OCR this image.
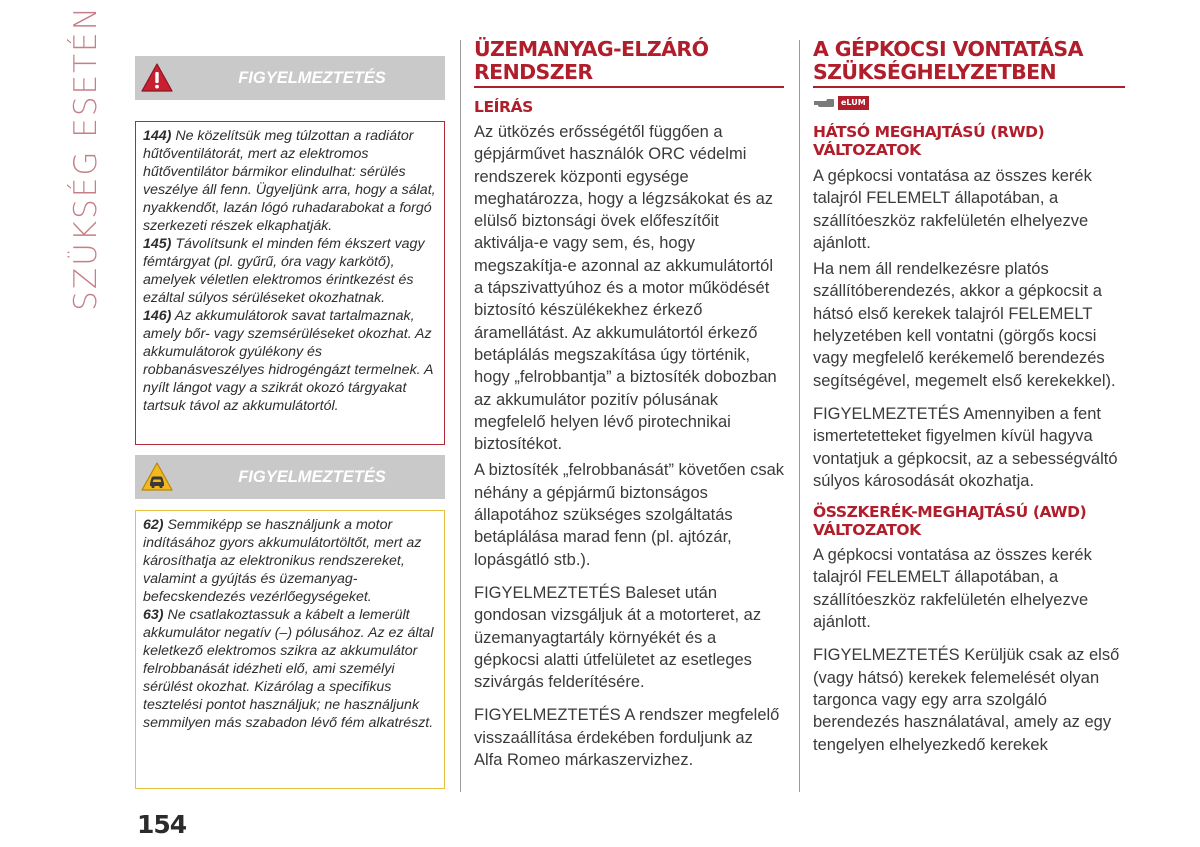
SZÜKSÉG ESETÉN	FIGYELMEZTETÉS

144) Ne közelítsük meg túlzottan a radiátor hűtőventilátorát, mert az elektromos hűtőventilátor bármikor elindulhat: sérülés veszélye áll fenn. Ügyeljünk arra, hogy a sálat, nyakkendőt, lazán lógó ruhadarabokat a forgó szerkezeti részek elkaphatják.

145) Távolítsunk el minden fém ékszert vagy fémtárgyat (pl. gyűrű, óra vagy karkötő), amelyek véletlen elektromos érintkezést és ezáltal súlyos sérüléseket okozhatnak.

146) Az akkumulátorok savat tartalmaznak, amely bőr- vagy szemsérüléseket okozhat. Az akkumulátorok gyúlékony és robbanásveszélyes hidrogéngázt termelnek. A nyílt lángot vagy a szikrát okozó tárgyakat tartsuk távol az akkumulátortól.

FIGYELMEZTETÉS

62) Semmiképp se használjunk a motor indításához gyors akkumulátortöltőt, mert az károsíthatja az elektronikus rendszereket, valamint a gyújtás és üzemanyag-befecskendezés vezérlőegységeket.

63) Ne csatlakoztassuk a kábelt a lemerült akkumulátor negatív (–) pólusához. Az ez által keletkező elektromos szikra az akkumulátor felrobbanását idézheti elő, ami személyi sérülést okozhat. Kizárólag a specifikus tesztelési pontot használjuk; ne használjunk semmilyen más szabadon lévő fém alkatrészt.

154
ÜZEMANYAG-ELZÁRÓ RENDSZER
LEÍRÁS
Az ütközés erősségétől függően a gépjárművet használók ORC védelmi rendszerek központi egysége meghatározza, hogy a légzsákokat és az elülső biztonsági övek előfeszítőit aktiválja-e vagy sem, és, hogy megszakítja-e azonnal az akkumulátortól a tápszivattyúhoz és a motor működését biztosító készülékekhez érkező áramellátást. Az akkumulátortól érkező betáplálás megszakítása úgy történik, hogy „felrobbantja” a biztosíték dobozban az akkumulátor pozitív pólusának megfelelő helyen lévő pirotechnikai biztosítékot.
A biztosíték „felrobbanását” követően csak néhány a gépjármű biztonságos állapotához szükséges szolgáltatás betáplálása marad fenn (pl. ajtózár, lopásgátló stb.).
FIGYELMEZTETÉS Baleset után gondosan vizsgáljuk át a motorteret, az üzemanyagtartály környékét és a gépkocsi alatti útfelületet az esetleges szivárgás felderítésére.
FIGYELMEZTETÉS A rendszer megfelelő visszaállítása érdekében forduljunk az Alfa Romeo márkaszervizhez.
A GÉPKOCSI VONTATÁSA SZÜKSÉGHELYZETBEN
eLUM
HÁTSÓ MEGHAJTÁSÚ (RWD) VÁLTOZATOK
A gépkocsi vontatása az összes kerék talajról FELEMELT állapotában, a szállítóeszköz rakfelületén elhelyezve ajánlott.
Ha nem áll rendelkezésre platós szállítóberendezés, akkor a gépkocsit a hátsó első kerekek talajról FELEMELT helyzetében kell vontatni (görgős kocsi vagy megfelelő kerékemelő berendezés segítségével, megemelt első kerekekkel).
FIGYELMEZTETÉS Amennyiben a fent ismertetetteket figyelmen kívül hagyva vontatjuk a gépkocsit, az a sebességváltó súlyos károsodását okozhatja.
ÖSSZKERÉK-MEGHAJTÁSÚ (AWD) VÁLTOZATOK
A gépkocsi vontatása az összes kerék talajról FELEMELT állapotában, a szállítóeszköz rakfelületén elhelyezve ajánlott.
FIGYELMEZTETÉS Kerüljük csak az első (vagy hátsó) kerekek felemelését olyan targonca vagy egy arra szolgáló berendezés használatával, amely az egy tengelyen elhelyezkedő kerekek
